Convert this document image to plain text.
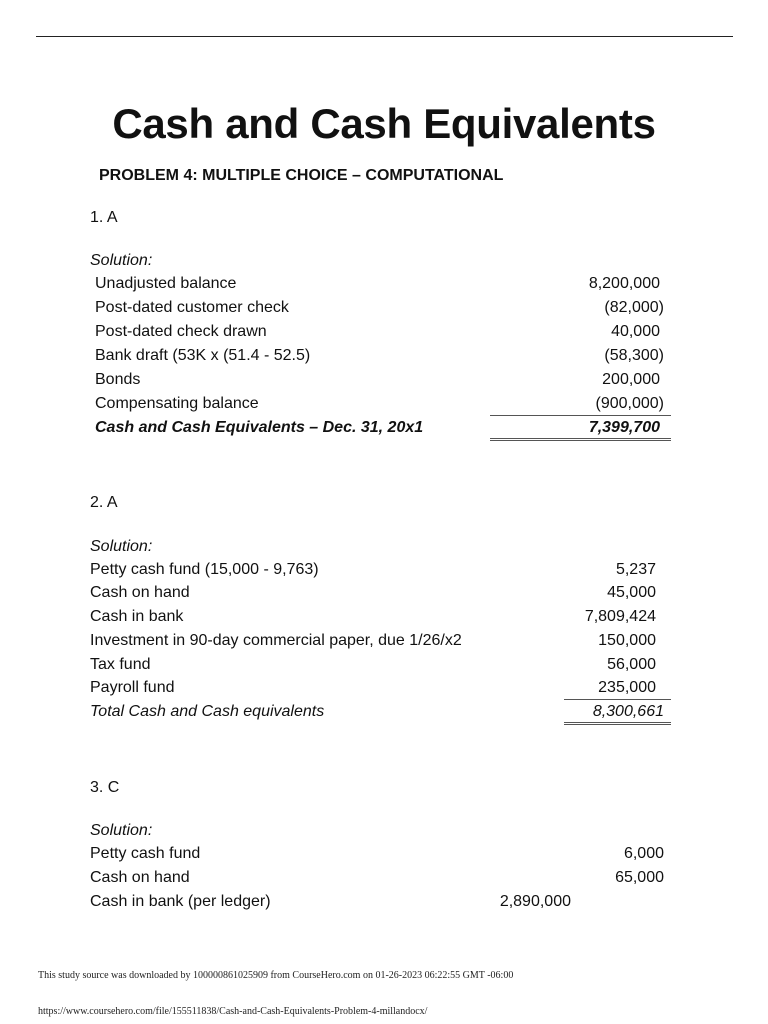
Cash and Cash Equivalents
PROBLEM 4: MULTIPLE CHOICE – COMPUTATIONAL
1. A
Solution:
Unadjusted balance	8,200,000
Post-dated customer check	(82,000)
Post-dated check drawn	40,000
Bank draft (53K x (51.4 - 52.5)	(58,300)
Bonds	200,000
Compensating balance	(900,000)
Cash and Cash Equivalents – Dec. 31, 20x1	7,399,700
2. A
Solution:
Petty cash fund (15,000 - 9,763)	5,237
Cash on hand	45,000
Cash in bank	7,809,424
Investment in 90-day commercial paper, due 1/26/x2	150,000
Tax fund	56,000
Payroll fund	235,000
Total Cash and Cash equivalents	8,300,661
3. C
Solution:
Petty cash fund	6,000
Cash on hand	65,000
Cash in bank (per ledger)	2,890,000
This study source was downloaded by 100000861025909 from CourseHero.com on 01-26-2023 06:22:55 GMT -06:00
https://www.coursehero.com/file/155511838/Cash-and-Cash-Equivalents-Problem-4-millandocx/
